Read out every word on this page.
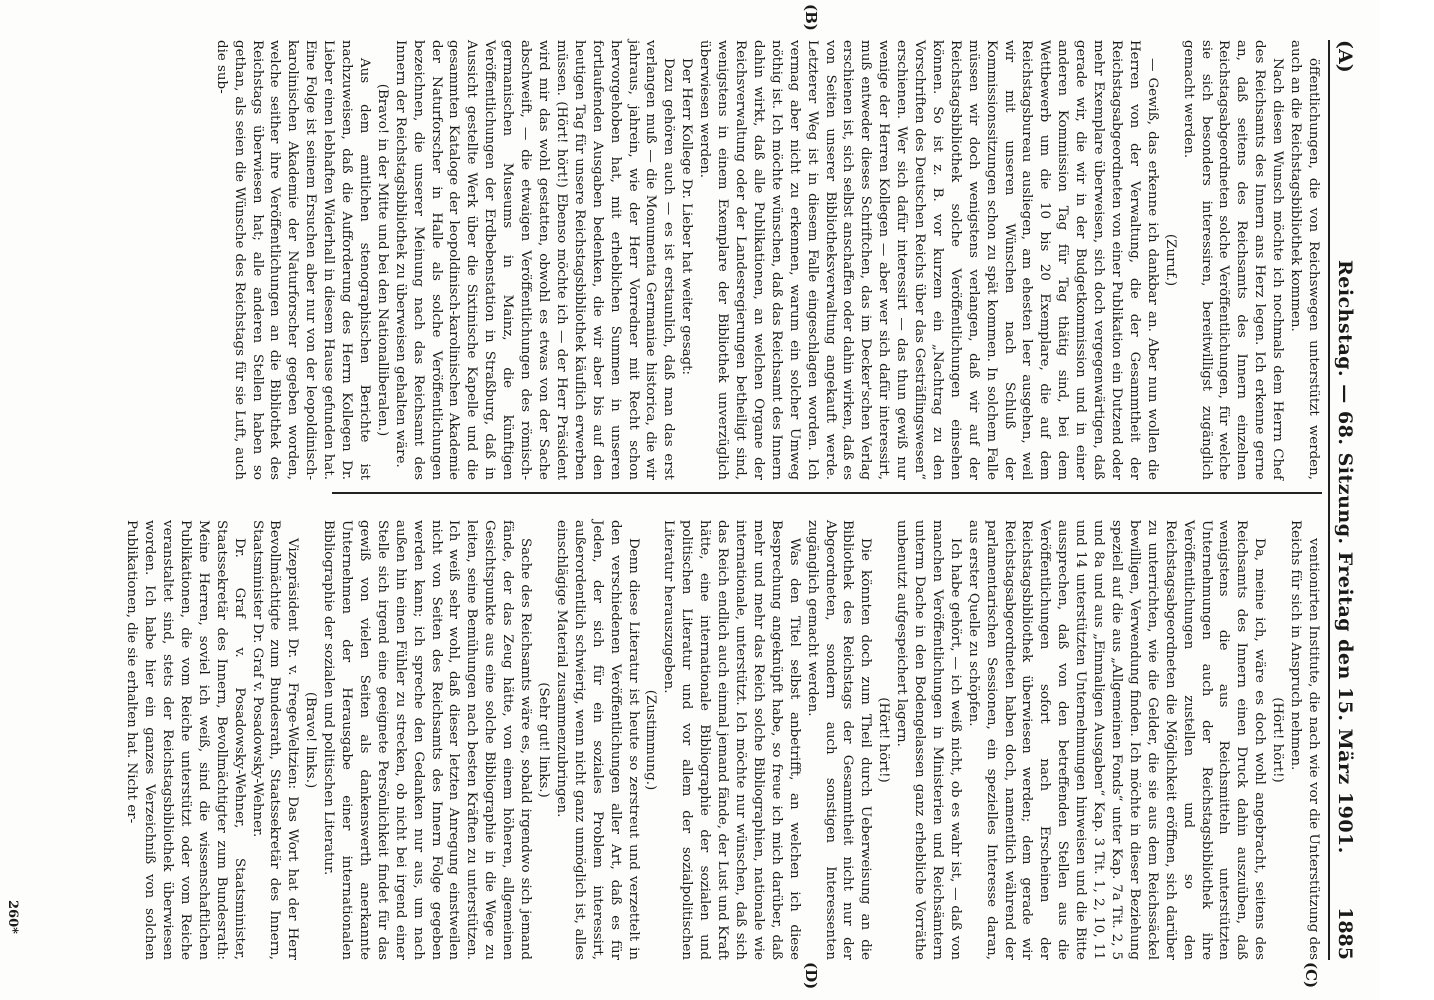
(A)
Reichstag. — 68. Sitzung. Freitag den 15. März 1901.
1885

öffentlichungen, die von Reichswegen unterstützt werden, auch an die Reichstagsbibliothek kommen.

Nach diesen Wunsch möchte ich nochmals dem Herrn Chef des Reichsamts des Innern ans Herz legen. Ich erkenne gerne an, daß seitens des Reichsamts des Innern einzelnen Reichstagsabgeordneten solche Veröffentlichungen, für welche sie sich besonders interessiren, bereitwilligst zugänglich gemacht werden.

(Zuruf.)

— Gewiß, das erkenne ich dankbar an. Aber nun wollen die Herren von der Verwaltung, die der Gesammtheit der Reichstagsabgeordneten von einer Publikation ein Dutzend oder mehr Exemplare überweisen, sich doch vergegenwärtigen, daß gerade wir, die wir in der Budgetkommission und in einer anderen Kommission Tag für Tag thätig sind, bei dem Wettbewerb um die 10 bis 20 Exemplare, die auf dem Reichstagsbureau ausliegen, am ehesten leer ausgehen, weil wir mit unseren Wünschen nach Schluß der Kommissionssitzungen schon zu spät kommen. In solchem Falle müssen wir doch wenigstens verlangen, daß wir auf der Reichstagsbibliothek solche Veröffentlichungen einsehen können. So ist z. B. vor kurzem ein „Nachtrag zu den Vorschriften des Deutschen Reichs über das Gesträflingswesen“ erschienen. Wer sich dafür interessirt — das thun gewiß nur wenige der Herren Kollegen — aber wer sich dafür interessirt, muß entweder dieses Schriftchen, das im Decker'schen Verlag erschienen ist, sich selbst anschaffen oder dahin wirken, daß es von Seiten unserer Bibliotheksverwaltung angekauft werde. Letzterer Weg ist in diesem Falle eingeschlagen worden. Ich vermag aber nicht zu erkennen, warum ein solcher Umweg nöthig ist. Ich möchte wünschen, daß das Reichsamt des Innern dahin wirkt, daß alle Publikationen, an welchen Organe der Reichsverwaltung oder der Landesregierungen betheiligt sind, wenigstens in einem Exemplare der Bibliothek unverzüglich überwiesen werden.

Der Herr Kollege Dr. Lieber hat weiter gesagt:

Dazu gehören auch — es ist erstaunlich, daß man das erst verlangen muß — die Monumenta Germaniae historica, die wir jahraus, jahrein, wie der Herr Vorredner mit Recht schon hervorgehoben hat, mit erheblichen Summen in unseren fortlaufenden Ausgaben bedenken, die wir aber bis auf den heutigen Tag für unsere Reichstagsbibliothek käuflich erwerben müssen. (Hört! hört!) Ebenso möchte ich — der Herr Präsident wird mir das wohl gestatten, obwohl es etwas von der Sache abschweift, — die etwaigen Veröffentlichungen des römisch-germanischen Museums in Mainz, die künftigen Veröffentlichungen der Erdbebenstation in Straßburg, daß in Aussicht gestellte Werk über die Sixtinische Kapelle und die gesammten Kataloge der leopoldinisch-karolinischen Akademie der Naturforscher in Halle als solche Veröffentlichungen bezeichnen, die unserer Meinung nach das Reichsamt des Innern der Reichstagsbibliothek zu überweisen gehalten wäre.

(Bravo! in der Mitte und bei den Nationalliberalen.)

Aus dem amtlichen stenographischen Berichte ist nachzuweisen, daß die Aufforderung des Herrn Kollegen Dr. Lieber einen lebhaften Widerhall in diesem Hause gefunden hat. Eine Folge ist seinem Ersuchen aber nur von der leopoldinisch-karolinischen Akademie der Naturforscher gegeben worden, welche seither ihre Veröffentlichungen an die Bibliothek des Reichstags überwiesen hat; alle anderen Stellen haben so gethan, als seien die Wünsche des Reichstags für sie Luft, auch die sub-

ventionirten Institute, die nach wie vor die Unterstützung des Reichs für sich in Anspruch nehmen.

(Hört! hört!)

Da, meine ich, wäre es doch wohl angebracht, seitens des Reichsamts des Innern einen Druck dahin auszuüben, daß wenigstens die aus Reichsmitteln unterstützten Unternehmungen auch der Reichstagsbibliothek ihre Veröffentlichungen zustellen und so den Reichstagsabgeordneten die Möglichkeit eröffnen, sich darüber zu unterrichten, wie die Gelder, die sie aus dem Reichssäckel bewilligen, Verwendung finden. Ich möchte in dieser Beziehung speziell auf die aus „Allgemeinen Fonds“ unter Kap. 7a Tit. 2, 5 und 8a und aus „Einmaligen Ausgaben“ Kap. 3 Tit. 1, 2, 10, 11 und 14 unterstützten Unternehmungen hinweisen und die Bitte aussprechen, daß von den betreffenden Stellen aus die Veröffentlichungen sofort nach Erscheinen der Reichstagsbibliothek überwiesen werden; dem gerade wir Reichstagsabgeordneten haben doch, namentlich während der parlamentarischen Sessionen, ein spezielles Interesse daran, aus erster Quelle zu schöpfen.

Ich habe gehört, — ich weiß nicht, ob es wahr ist, — daß von manchen Veröffentlichungen in Ministerien und Reichsämtern unterm Dache in den Bodengelassen ganz erhebliche Vorräthe unbenutzt aufgespeichert lagern.

(Hört! hört!)

Die könnten doch zum Theil durch Ueberweisung an die Bibliothek des Reichstags der Gesammtheit nicht nur der Abgeordneten, sondern auch sonstigen Interessenten zugänglich gemacht werden.

Was den Titel selbst anbetrifft, an welchen ich diese Besprechung angeknüpft habe, so freue ich mich darüber, daß mehr und mehr das Reich solche Bibliographien, nationale wie internationale, unterstützt. Ich möchte nur wünschen, daß sich das Reich endlich auch einmal jemand fände, der Lust und Kraft hätte, eine internationale Bibliographie der sozialen und politischen Literatur und vor allem der sozialpolitischen Literatur herauszugeben.

(Zustimmung.)

Denn diese Literatur ist heute so zerstreut und verzettelt in den verschiedenen Veröffentlichungen aller Art, daß es für Jeden, der sich für ein soziales Problem interessirt, außerordentlich schwierig, wenn nicht ganz unmöglich ist, alles einschlägige Material zusammenzubringen.

(Sehr gut! links.)

Sache des Reichsamts wäre es, sobald irgendwo sich jemand fände, der das Zeug hätte, von einem höheren, allgemeinen Gesichtspunkte aus eine solche Bibliographie in die Wege zu leiten, seine Bemühungen nach besten Kräften zu unterstützen. Ich weiß sehr wohl, daß dieser letzten Anregung einstweilen nicht von Seiten des Reichsamts des Innern Folge gegeben werden kann; ich spreche den Gedanken nur aus, um nach außen hin einen Fühler zu strecken, ob nicht bei irgend einer Stelle sich irgend eine geeignete Persönlichkeit findet für das gewiß von vielen Seiten als dankenswerth anerkannte Unternehmen der Herausgabe einer internationalen Bibliographie der sozialen und politischen Literatur.

(Bravo! links.)

Vizepräsident Dr. v. Frege-Weltzien: Das Wort hat der Herr Bevollmächtigte zum Bundesrath, Staatssekretär des Innern, Staatsminister Dr. Graf v. Posadowsky-Wehner.

Dr. Graf v. Posadowsky-Wehner, Staatsminister, Staatssekretär des Innern, Bevollmächtigter zum Bundesrath: Meine Herren, soviel ich weiß, sind die wissenschaftlichen Publikationen, die vom Reiche unterstützt oder vom Reiche veranstaltet sind, stets der Reichstagsbibliothek überwiesen worden. Ich habe hier ein ganzes Verzeichniß von solchen Publikationen, die sie erhalten hat. Nicht er-

(B)
(C)
(D)
260*
